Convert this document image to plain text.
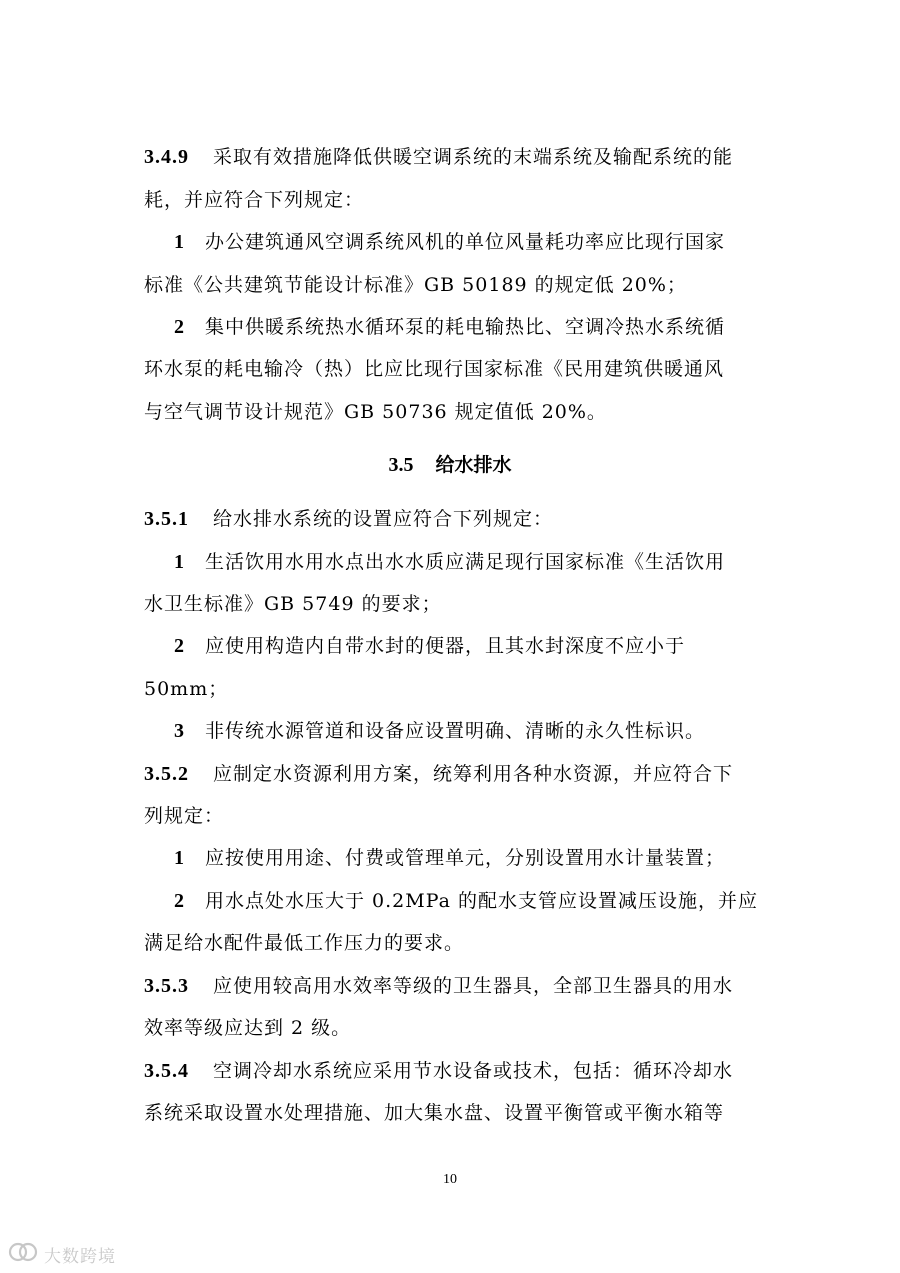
3.4.9 采取有效措施降低供暖空调系统的末端系统及输配系统的能
耗，并应符合下列规定：
1 办公建筑通风空调系统风机的单位风量耗功率应比现行国家
标准《公共建筑节能设计标准》GB 50189 的规定低 20%；
2 集中供暖系统热水循环泵的耗电输热比、空调冷热水系统循
环水泵的耗电输冷（热）比应比现行国家标准《民用建筑供暖通风
与空气调节设计规范》GB 50736 规定值低 20%。
3.5 给水排水
3.5.1 给水排水系统的设置应符合下列规定：
1 生活饮用水用水点出水水质应满足现行国家标准《生活饮用
水卫生标准》GB 5749 的要求；
2 应使用构造内自带水封的便器，且其水封深度不应小于
50mm；
3 非传统水源管道和设备应设置明确、清晰的永久性标识。
3.5.2 应制定水资源利用方案，统筹利用各种水资源，并应符合下
列规定：
1 应按使用用途、付费或管理单元，分别设置用水计量装置；
2 用水点处水压大于 0.2MPa 的配水支管应设置减压设施，并应
满足给水配件最低工作压力的要求。
3.5.3 应使用较高用水效率等级的卫生器具，全部卫生器具的用水
效率等级应达到 2 级。
3.5.4 空调冷却水系统应采用节水设备或技术，包括：循环冷却水
系统采取设置水处理措施、加大集水盘、设置平衡管或平衡水箱等
10
大数跨境
